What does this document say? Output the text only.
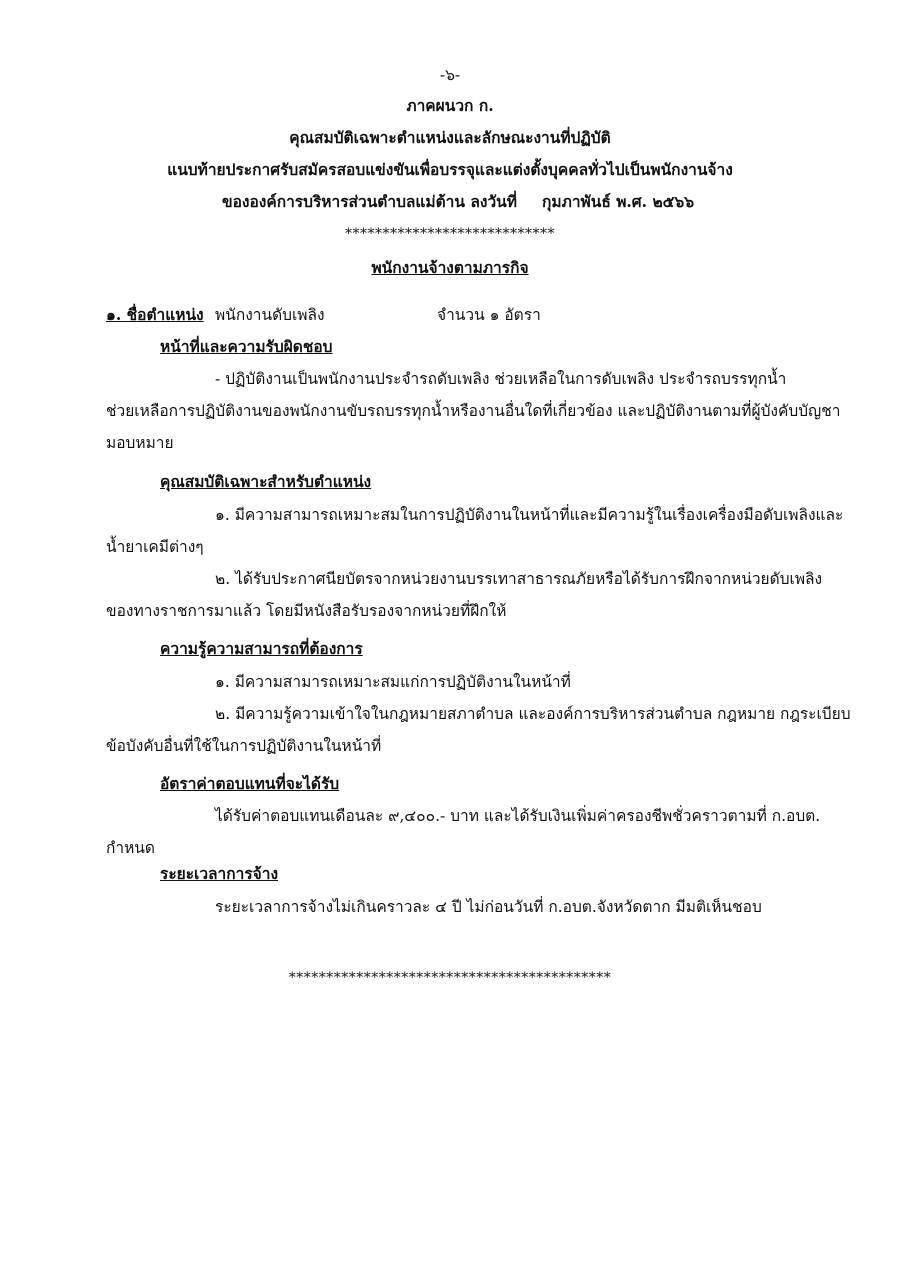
-๖-
ภาคผนวก ก.
คุณสมบัติเฉพาะตำแหน่งและลักษณะงานที่ปฏิบัติ
แนบท้ายประกาศรับสมัครสอบแข่งขันเพื่อบรรจุและแต่งตั้งบุคคลทั่วไปเป็นพนักงานจ้าง
ขององค์การบริหารส่วนตำบลแม่ต้าน ลงวันที่ กุมภาพันธ์ พ.ศ. ๒๕๖๖
****************************
พนักงานจ้างตามภารกิจ
๑. ชื่อตำแหน่ง พนักงานดับเพลิง	จำนวน ๑ อัตรา
หน้าที่และความรับผิดชอบ
- ปฏิบัติงานเป็นพนักงานประจำรถดับเพลิง ช่วยเหลือในการดับเพลิง ประจำรถบรรทุกน้ำ
ช่วยเหลือการปฏิบัติงานของพนักงานขับรถบรรทุกน้ำหรืองานอื่นใดที่เกี่ยวข้อง และปฏิบัติงานตามที่ผู้บังคับบัญชา
มอบหมาย
คุณสมบัติเฉพาะสำหรับตำแหน่ง
๑. มีความสามารถเหมาะสมในการปฏิบัติงานในหน้าที่และมีความรู้ในเรื่องเครื่องมือดับเพลิงและ
น้ำยาเคมีต่างๆ
๒. ได้รับประกาศนียบัตรจากหน่วยงานบรรเทาสาธารณภัยหรือได้รับการฝึกจากหน่วยดับเพลิง
ของทางราชการมาแล้ว โดยมีหนังสือรับรองจากหน่วยที่ฝึกให้
ความรู้ความสามารถที่ต้องการ
๑. มีความสามารถเหมาะสมแก่การปฏิบัติงานในหน้าที่
๒. มีความรู้ความเข้าใจในกฎหมายสภาตำบล และองค์การบริหารส่วนตำบล กฎหมาย กฎระเบียบ
ข้อบังคับอื่นที่ใช้ในการปฏิบัติงานในหน้าที่
อัตราค่าตอบแทนที่จะได้รับ
ได้รับค่าตอบแทนเดือนละ ๙,๔๐๐.- บาท และได้รับเงินเพิ่มค่าครองชีพชั่วคราวตามที่ ก.อบต.
กำหนด
ระยะเวลาการจ้าง
ระยะเวลาการจ้างไม่เกินคราวละ ๔ ปี ไม่ก่อนวันที่ ก.อบต.จังหวัดตาก มีมติเห็นชอบ
*******************************************
